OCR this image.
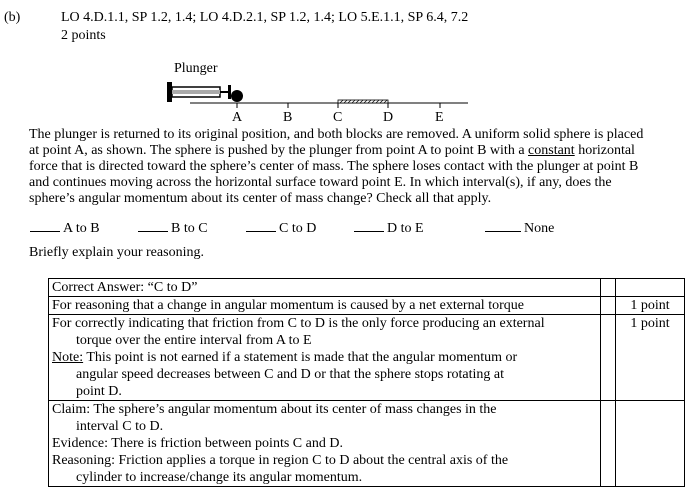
(b)	LO 4.D.1.1, SP 1.2, 1.4; LO 4.D.2.1, SP 1.2, 1.4; LO 5.E.1.1, SP 6.4, 7.2
2 points
Plunger
A	B	C	D	E
The plunger is returned to its original position, and both blocks are removed. A uniform solid sphere is placed
at point A, as shown. The sphere is pushed by the plunger from point A to point B with a constant horizontal
force that is directed toward the sphere’s center of mass. The sphere loses contact with the plunger at point B
and continues moving across the horizontal surface toward point E. In which interval(s), if any, does the
sphere’s angular momentum about its center of mass change? Check all that apply.
A to B	B to C	C to D	D to E	None
Briefly explain your reasoning.
Correct Answer: “C to D”		
For reasoning that a change in angular momentum is caused by a net external torque		1 point

For correctly indicating that friction from C to D is the only force producing an external
torque over the entire interval from A to E
Note: This point is not earned if a statement is made that the angular momentum or
angular speed decreases between C and D or that the sphere stops rotating at
point D.		1 point

Claim: The sphere’s angular momentum about its center of mass changes in the
interval C to D.
Evidence: There is friction between points C and D.
Reasoning: Friction applies a torque in region C to D about the central axis of the
cylinder to increase/change its angular momentum.		
